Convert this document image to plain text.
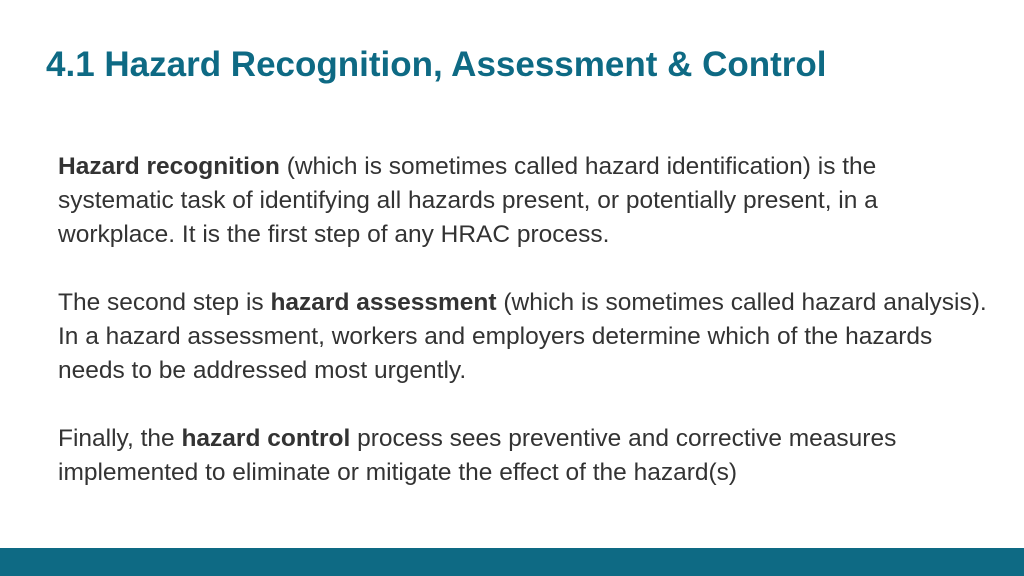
4.1 Hazard Recognition, Assessment & Control

Hazard recognition (which is sometimes called hazard identification) is the systematic task of identifying all hazards present, or potentially present, in a workplace. It is the first step of any HRAC process.

The second step is hazard assessment (which is sometimes called hazard analysis). In a hazard assessment, workers and employers determine which of the hazards needs to be addressed most urgently.

Finally, the hazard control process sees preventive and corrective measures implemented to eliminate or mitigate the effect of the hazard(s)
